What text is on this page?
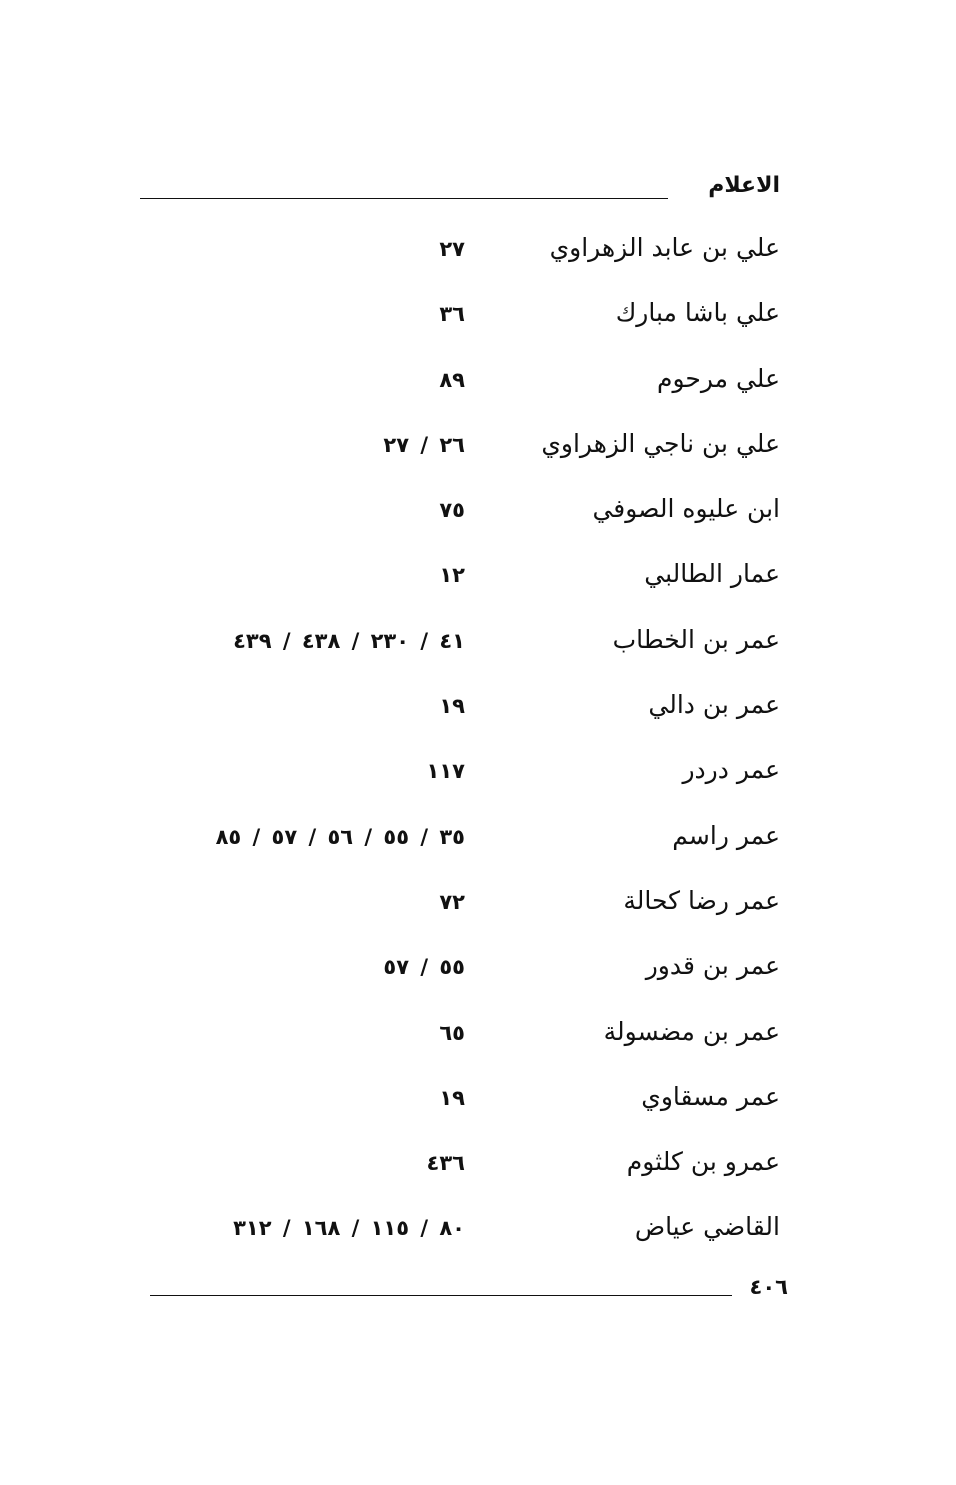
الاعلام
علي بن عابد الزهراوي
٢٧
علي باشا مبارك
٣٦
علي مرحوم
٨٩
علي بن ناجي الزهراوي
٢٦ / ٢٧
ابن عليوه الصوفي
٧٥
عمار الطالبي
١٢
عمر بن الخطاب
٤١ / ٢٣٠ / ٤٣٨ / ٤٣٩
عمر بن دالي
١٩
عمر دردر
١١٧
عمر راسم
٣٥ / ٥٥ / ٥٦ / ٥٧ / ٨٥
عمر رضا كحالة
٧٢
عمر بن قدور
٥٥ / ٥٧
عمر بن مضسولة
٦٥
عمر مسقاوي
١٩
عمرو بن كلثوم
٤٣٦
القاضي عياض
٨٠ / ١١٥ / ١٦٨ / ٣١٢
٤٠٦
